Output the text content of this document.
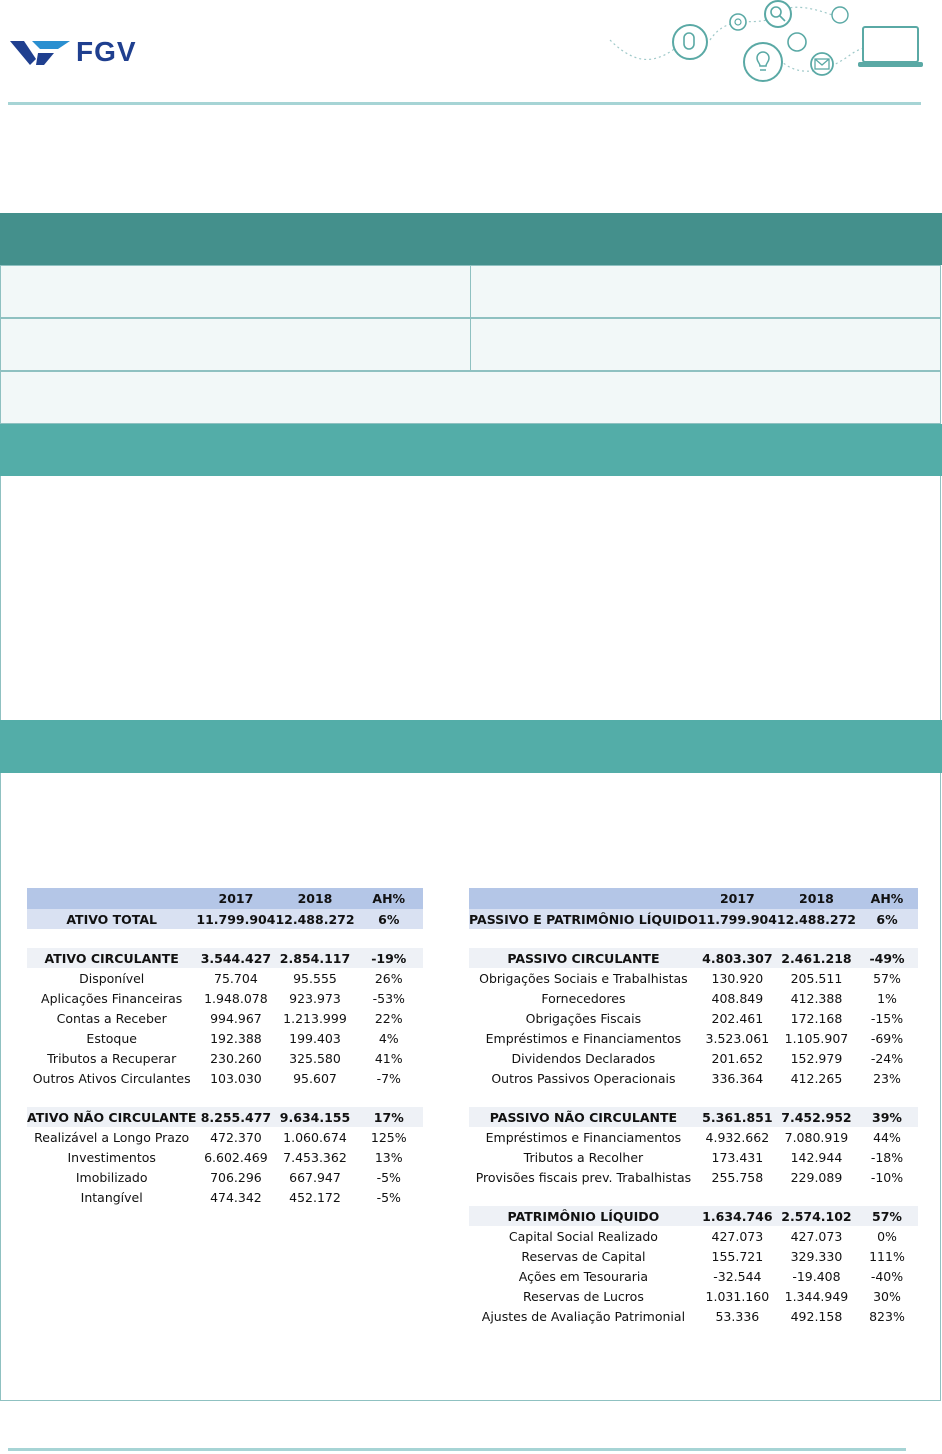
FGV
	2017	2018	AH%
ATIVO TOTAL	11.799.904	12.488.272	6%

ATIVO CIRCULANTE	3.544.427	2.854.117	-19%
Disponível	75.704	95.555	26%
Aplicações Financeiras	1.948.078	923.973	-53%
Contas a Receber	994.967	1.213.999	22%
Estoque	192.388	199.403	4%
Tributos a Recuperar	230.260	325.580	41%
Outros Ativos Circulantes	103.030	95.607	-7%

ATIVO NÃO CIRCULANTE	8.255.477	9.634.155	17%
Realizável a Longo Prazo	472.370	1.060.674	125%
Investimentos	6.602.469	7.453.362	13%
Imobilizado	706.296	667.947	-5%
Intangível	474.342	452.172	-5%
	2017	2018	AH%
PASSIVO E PATRIMÔNIO LÍQUIDO	11.799.904	12.488.272	6%

PASSIVO CIRCULANTE	4.803.307	2.461.218	-49%
Obrigações Sociais e Trabalhistas	130.920	205.511	57%
Fornecedores	408.849	412.388	1%
Obrigações Fiscais	202.461	172.168	-15%
Empréstimos e Financiamentos	3.523.061	1.105.907	-69%
Dividendos Declarados	201.652	152.979	-24%
Outros Passivos Operacionais	336.364	412.265	23%

PASSIVO NÃO CIRCULANTE	5.361.851	7.452.952	39%
Empréstimos e Financiamentos	4.932.662	7.080.919	44%
Tributos a Recolher	173.431	142.944	-18%
Provisões fiscais prev. Trabalhistas	255.758	229.089	-10%

PATRIMÔNIO LÍQUIDO	1.634.746	2.574.102	57%
Capital Social Realizado	427.073	427.073	0%
Reservas de Capital	155.721	329.330	111%
Ações em Tesouraria	-32.544	-19.408	-40%
Reservas de Lucros	1.031.160	1.344.949	30%
Ajustes de Avaliação Patrimonial	53.336	492.158	823%
